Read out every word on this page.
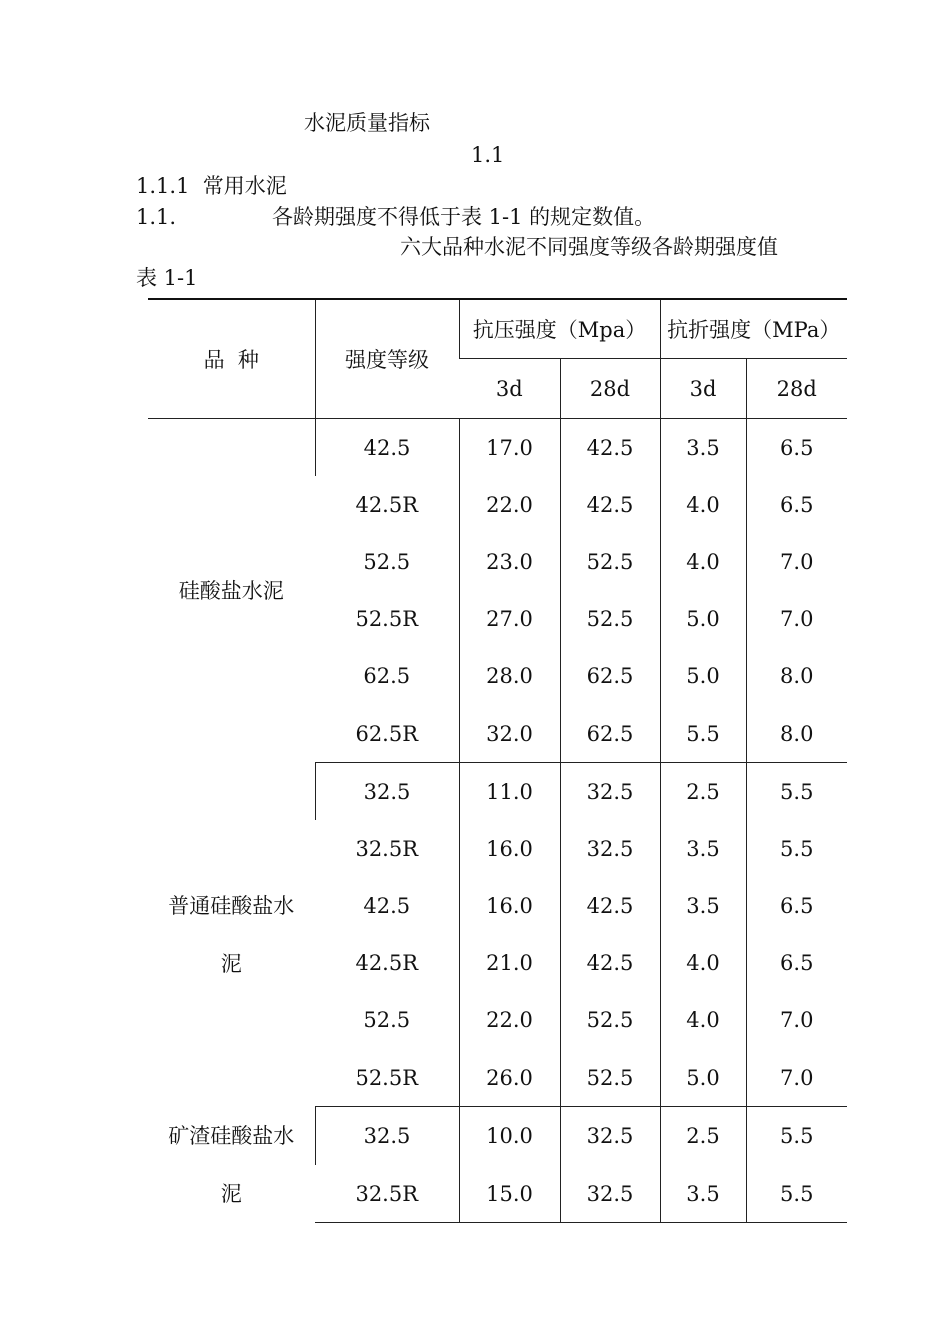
水泥质量指标
1.1
1.1.1  常用水泥
1.1.	各龄期强度不得低于表 1-1 的规定数值。
六大品种水泥不同强度等级各龄期强度值
表 1-1
品  种	强度等级	抗压强度（Mpa）		抗折强度（MPa）	
		3d	28d	3d	28d

硅酸盐水泥	42.5	17.0	42.5	3.5	6.5
	42.5R	22.0	42.5	4.0	6.5
	52.5	23.0	52.5	4.0	7.0
	52.5R	27.0	52.5	5.0	7.0
	62.5	28.0	62.5	5.0	8.0
	62.5R	32.0	62.5	5.5	8.0

普通硅酸盐水
泥	32.5	11.0	32.5	2.5	5.5
	32.5R	16.0	32.5	3.5	5.5
	42.5	16.0	42.5	3.5	6.5
	42.5R	21.0	42.5	4.0	6.5
	52.5	22.0	52.5	4.0	7.0
	52.5R	26.0	52.5	5.0	7.0

矿渣硅酸盐水
泥	32.5	10.0	32.5	2.5	5.5
	32.5R	15.0	32.5	3.5	5.5
